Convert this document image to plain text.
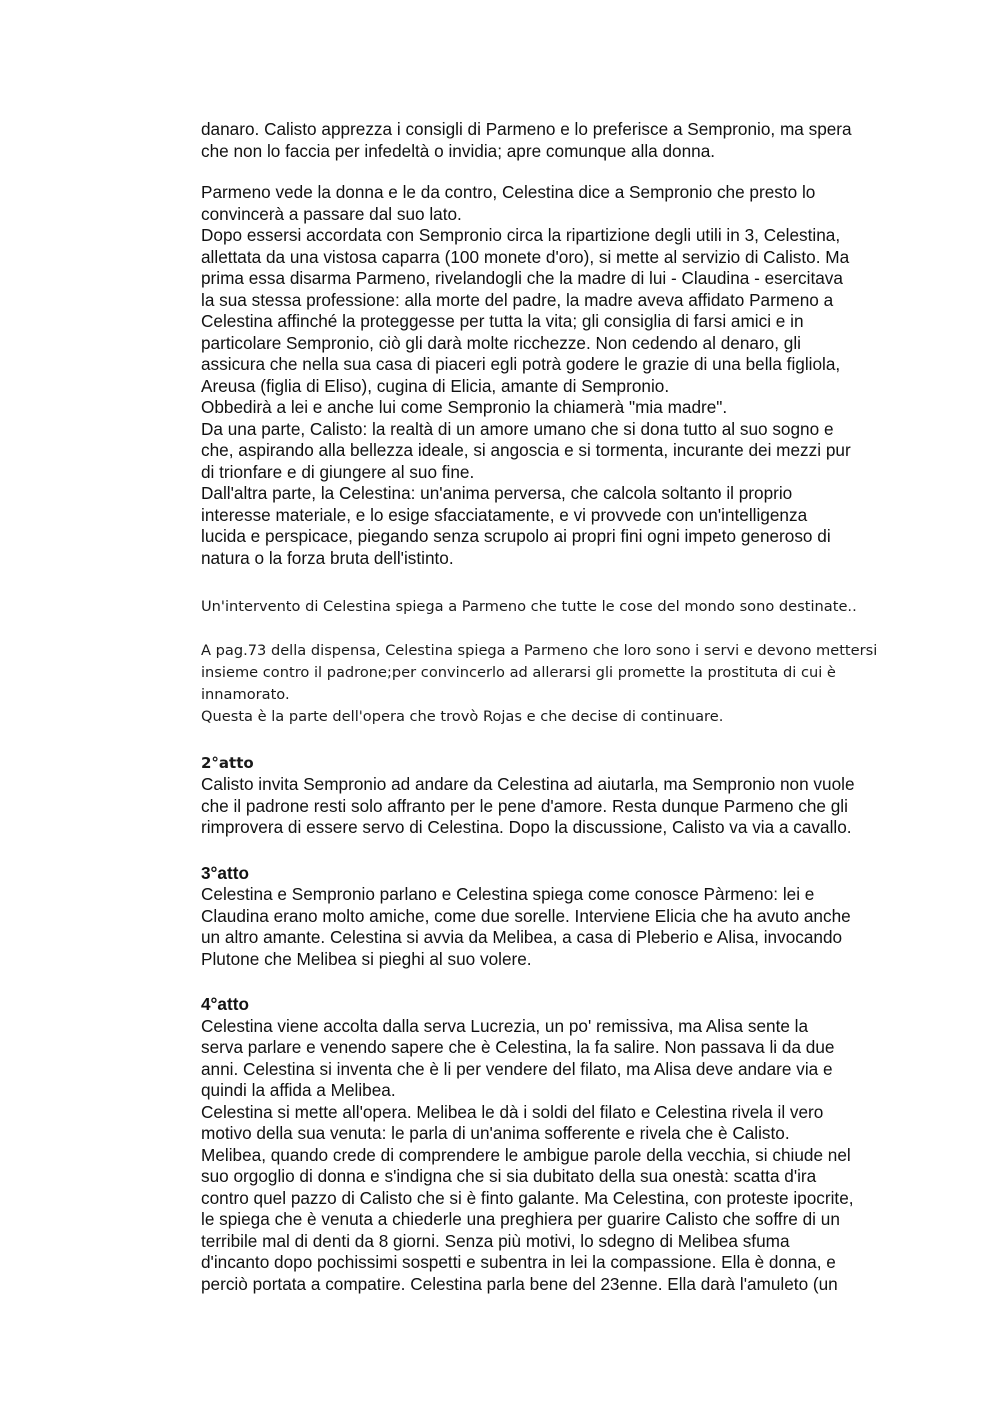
danaro. Calisto apprezza i consigli di Parmeno e lo preferisce a Sempronio, ma spera
che non lo faccia per infedeltà o invidia; apre comunque alla donna.

Parmeno vede la donna e le da contro, Celestina dice a Sempronio che presto lo
convincerà a passare dal suo lato.
Dopo essersi accordata con Sempronio circa la ripartizione degli utili in 3, Celestina,
allettata da una vistosa caparra (100 monete d'oro), si mette al servizio di Calisto. Ma
prima essa disarma Parmeno, rivelandogli che la madre di lui - Claudina - esercitava
la sua stessa professione: alla morte del padre, la madre aveva affidato Parmeno a
Celestina affinché la proteggesse per tutta la vita; gli consiglia di farsi amici e in
particolare Sempronio, ciò gli darà molte ricchezze. Non cedendo al denaro, gli
assicura che nella sua casa di piaceri egli potrà godere le grazie di una bella figliola,
Areusa (figlia di Eliso), cugina di Elicia, amante di Sempronio.
Obbedirà a lei e anche lui come Sempronio la chiamerà "mia madre".
Da una parte, Calisto: la realtà di un amore umano che si dona tutto al suo sogno e
che, aspirando alla bellezza ideale, si angoscia e si tormenta, incurante dei mezzi pur
di trionfare e di giungere al suo fine.
Dall'altra parte, la Celestina: un'anima perversa, che calcola soltanto il proprio
interesse materiale, e lo esige sfacciatamente, e vi provvede con un'intelligenza
lucida e perspicace, piegando senza scrupolo ai propri fini ogni impeto generoso di
natura o la forza bruta dell'istinto.

Un'intervento di Celestina spiega a Parmeno che tutte le cose del mondo sono destinate..

A pag.73 della dispensa, Celestina spiega a Parmeno che loro sono i servi e devono mettersi
insieme contro il padrone;per convincerlo ad allerarsi gli promette la prostituta di cui è
innamorato.
Questa è la parte dell'opera che trovò Rojas e che decise di continuare.

2°atto

Calisto invita Sempronio ad andare da Celestina ad aiutarla, ma Sempronio non vuole
che il padrone resti solo affranto per le pene d'amore. Resta dunque Parmeno che gli
rimprovera di essere servo di Celestina. Dopo la discussione, Calisto va via a cavallo.

3°atto

Celestina e Sempronio parlano e Celestina spiega come conosce Pàrmeno: lei e
Claudina erano molto amiche, come due sorelle. Interviene Elicia che ha avuto anche
un altro amante. Celestina si avvia da Melibea, a casa di Pleberio e Alisa, invocando
Plutone che Melibea si pieghi al suo volere.

4°atto

Celestina viene accolta dalla serva Lucrezia, un po' remissiva, ma Alisa sente la
serva parlare e venendo sapere che è Celestina, la fa salire. Non passava li da due
anni. Celestina si inventa che è li per vendere del filato, ma Alisa deve andare via e
quindi la affida a Melibea.
Celestina si mette all'opera. Melibea le dà i soldi del filato e Celestina rivela il vero
motivo della sua venuta: le parla di un'anima sofferente e rivela che è Calisto.
Melibea, quando crede di comprendere le ambigue parole della vecchia, si chiude nel
suo orgoglio di donna e s'indigna che si sia dubitato della sua onestà: scatta d'ira
contro quel pazzo di Calisto che si è finto galante. Ma Celestina, con proteste ipocrite,
le spiega che è venuta a chiederle una preghiera per guarire Calisto che soffre di un
terribile mal di denti da 8 giorni. Senza più motivi, lo sdegno di Melibea sfuma
d'incanto dopo pochissimi sospetti e subentra in lei la compassione. Ella è donna, e
perciò portata a compatire. Celestina parla bene del 23enne. Ella darà l'amuleto (un
